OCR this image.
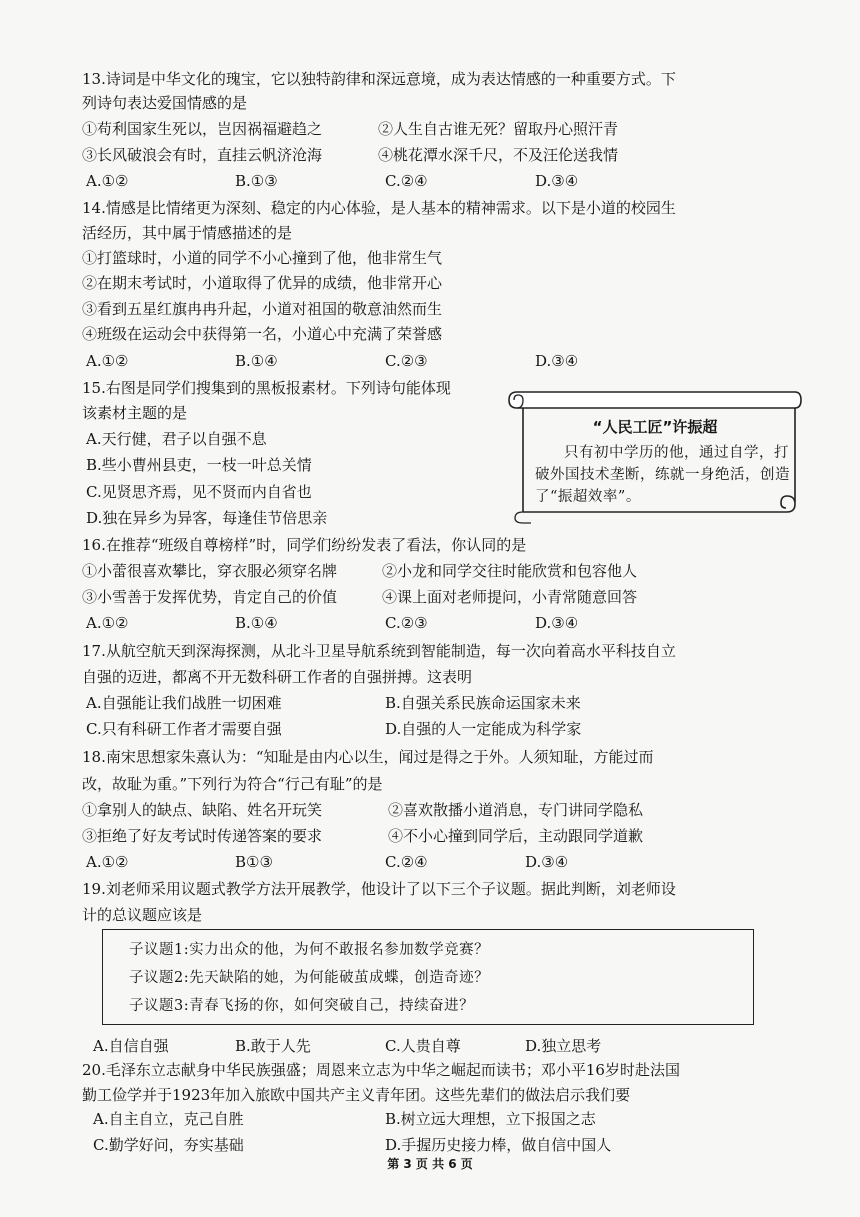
13.诗词是中华文化的瑰宝，它以独特韵律和深远意境，成为表达情感的一种重要方式。下
列诗句表达爱国情感的是
①苟利国家生死以，岂因祸福避趋之	②人生自古谁无死？留取丹心照汗青
③长风破浪会有时，直挂云帆济沧海	④桃花潭水深千尺，不及汪伦送我情
A.①②	B.①③	C.②④	D.③④
14.情感是比情绪更为深刻、稳定的内心体验，是人基本的精神需求。以下是小道的校园生
活经历，其中属于情感描述的是
①打篮球时，小道的同学不小心撞到了他，他非常生气
②在期末考试时，小道取得了优异的成绩，他非常开心
③看到五星红旗冉冉升起，小道对祖国的敬意油然而生
④班级在运动会中获得第一名，小道心中充满了荣誉感
A.①②	B.①④	C.②③	D.③④
15.右图是同学们搜集到的黑板报素材。下列诗句能体现
该素材主题的是
A.天行健，君子以自强不息
B.些小曹州县吏，一枝一叶总关情
C.见贤思齐焉，见不贤而内自省也
D.独在异乡为异客，每逢佳节倍思亲
“人民工匠”许振超
只有初中学历的他，通过自学，打破外国技术垄断，练就一身绝活，创造了“振超效率”。
16.在推荐“班级自尊榜样”时，同学们纷纷发表了看法，你认同的是
①小蕾很喜欢攀比，穿衣服必须穿名牌	②小龙和同学交往时能欣赏和包容他人
③小雪善于发挥优势，肯定自己的价值	④课上面对老师提问，小青常随意回答
A.①②	B.①④	C.②③	D.③④
17.从航空航天到深海探测，从北斗卫星导航系统到智能制造，每一次向着高水平科技自立
自强的迈进，都离不开无数科研工作者的自强拼搏。这表明
A.自强能让我们战胜一切困难	B.自强关系民族命运国家未来
C.只有科研工作者才需要自强	D.自强的人一定能成为科学家
18.南宋思想家朱熹认为：“知耻是由内心以生，闻过是得之于外。人须知耻，方能过而
改，故耻为重。”下列行为符合“行己有耻”的是
①拿别人的缺点、缺陷、姓名开玩笑	②喜欢散播小道消息，专门讲同学隐私
③拒绝了好友考试时传递答案的要求	④不小心撞到同学后，主动跟同学道歉
A.①②	B①③	C.②④	D.③④
19.刘老师采用议题式教学方法开展教学，他设计了以下三个子议题。据此判断，刘老师设
计的总议题应该是
子议题1:实力出众的他，为何不敢报名参加数学竞赛？
子议题2:先天缺陷的她，为何能破茧成蝶，创造奇迹？
子议题3:青春飞扬的你，如何突破自己，持续奋进？
A.自信自强	B.敢于人先	C.人贵自尊	D.独立思考
20.毛泽东立志献身中华民族强盛；周恩来立志为中华之崛起而读书；邓小平16岁时赴法国
勤工俭学并于1923年加入旅欧中国共产主义青年团。这些先辈们的做法启示我们要
A.自主自立，克己自胜	B.树立远大理想，立下报国之志
C.勤学好问，夯实基础	D.手握历史接力棒，做自信中国人
第 3 页 共 6 页
